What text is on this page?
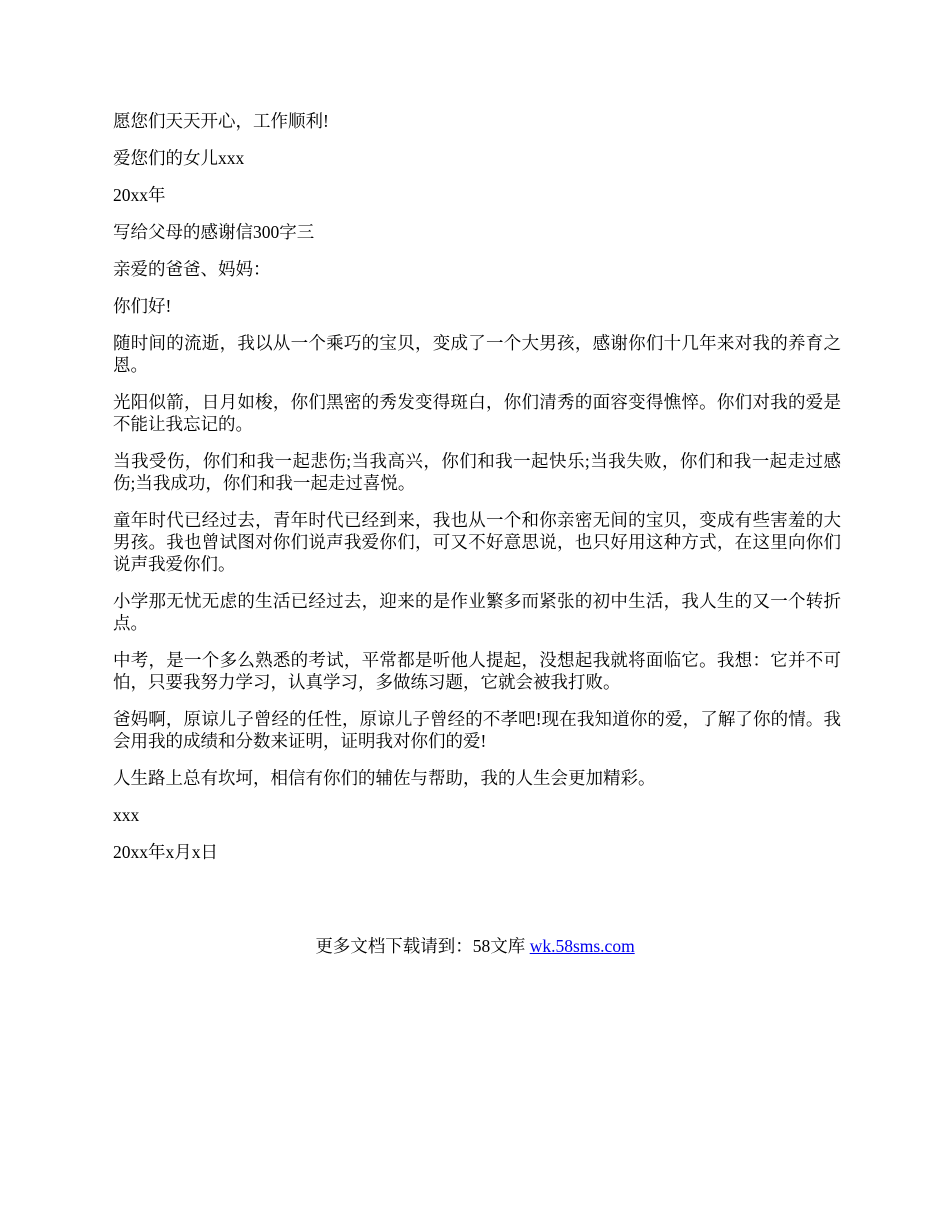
愿您们天天开心，工作顺利!

爱您们的女儿xxx

20xx年

写给父母的感谢信300字三

亲爱的爸爸、妈妈：

你们好!

随时间的流逝，我以从一个乘巧的宝贝，变成了一个大男孩，感谢你们十几年来对我的养育之恩。

光阳似箭，日月如梭，你们黑密的秀发变得斑白，你们清秀的面容变得憔悴。你们对我的爱是不能让我忘记的。

当我受伤，你们和我一起悲伤;当我高兴，你们和我一起快乐;当我失败，你们和我一起走过感伤;当我成功，你们和我一起走过喜悦。

童年时代已经过去，青年时代已经到来，我也从一个和你亲密无间的宝贝，变成有些害羞的大男孩。我也曾试图对你们说声我爱你们，可又不好意思说，也只好用这种方式，在这里向你们说声我爱你们。

小学那无忧无虑的生活已经过去，迎来的是作业繁多而紧张的初中生活，我人生的又一个转折点。

中考，是一个多么熟悉的考试，平常都是听他人提起，没想起我就将面临它。我想：它并不可怕，只要我努力学习，认真学习，多做练习题，它就会被我打败。

爸妈啊，原谅儿子曾经的任性，原谅儿子曾经的不孝吧!现在我知道你的爱，了解了你的情。我会用我的成绩和分数来证明，证明我对你们的爱!

人生路上总有坎坷，相信有你们的辅佐与帮助，我的人生会更加精彩。

xxx

20xx年x月x日

更多文档下载请到：58文库 wk.58sms.com
